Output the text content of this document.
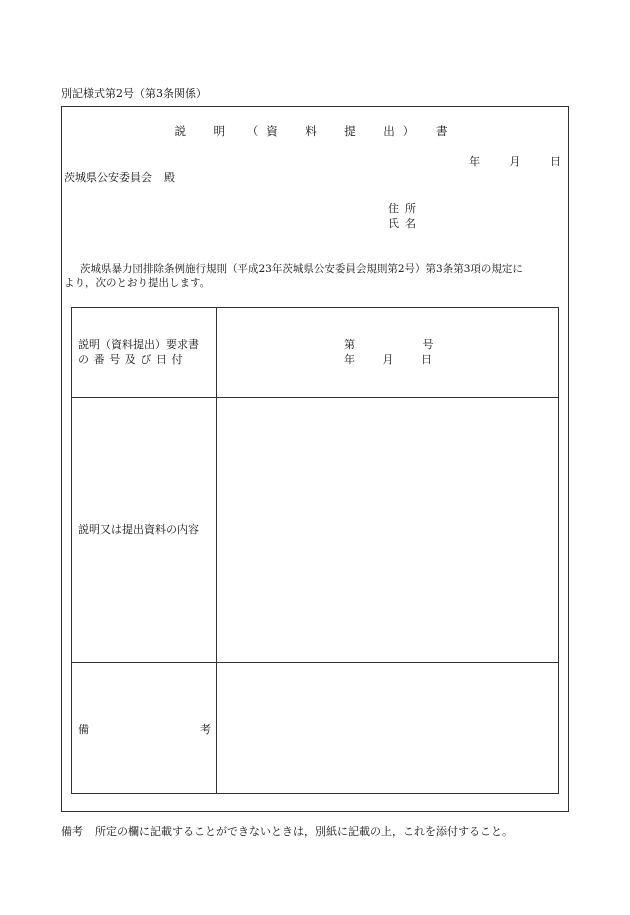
別記様式第2号（第3条関係）
説　明　（資　料　提　出）　書
年 月 日
茨城県公安委員会 殿
住所
氏名
茨城県暴力団排除条例施行規則（平成23年茨城県公安委員会規則第2号）第3条第3項の規定に
より，次のとおり提出します。
説明（資料提出）要求書
の番号及び日付
第 号
年 月 日
説明又は提出資料の内容
備	考
備考 所定の欄に記載することができないときは，別紙に記載の上，これを添付すること。
